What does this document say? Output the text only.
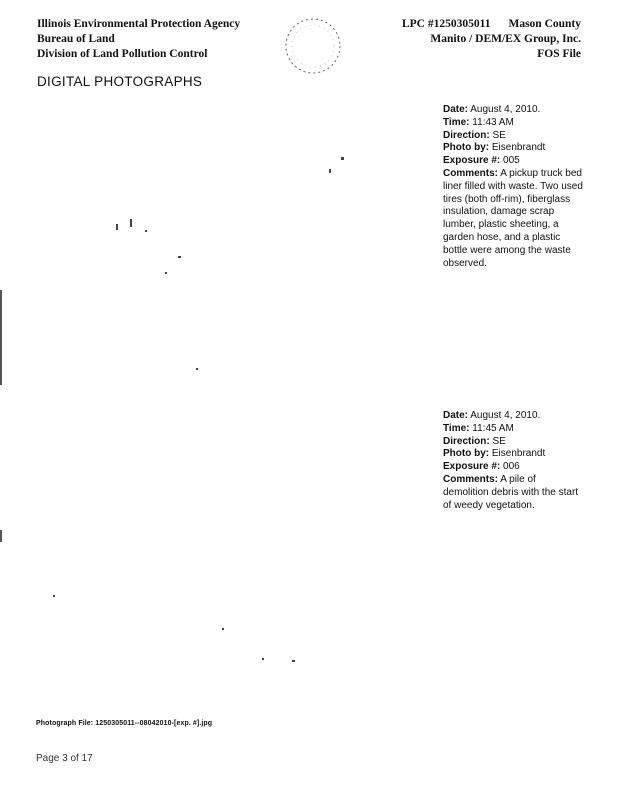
Illinois Environmental Protection Agency
Bureau of Land
Division of Land Pollution Control
LPC #1250305011 Mason County
Manito / DEM/EX Group, Inc.
FOS File
DIGITAL PHOTOGRAPHS
Date: August 4, 2010.
Time: 11:43 AM
Direction: SE
Photo by: Eisenbrandt
Exposure #: 005
Comments: A pickup truck bed liner filled with waste. Two used tires (both off-rim), fiberglass insulation, damage scrap lumber, plastic sheeting, a garden hose, and a plastic bottle were among the waste observed.
Date: August 4, 2010.
Time: 11:45 AM
Direction: SE
Photo by: Eisenbrandt
Exposure #: 006
Comments: A pile of demolition debris with the start of weedy vegetation.
Photograph File: 1250305011--08042010-[exp. #].jpg
Page 3 of 17
